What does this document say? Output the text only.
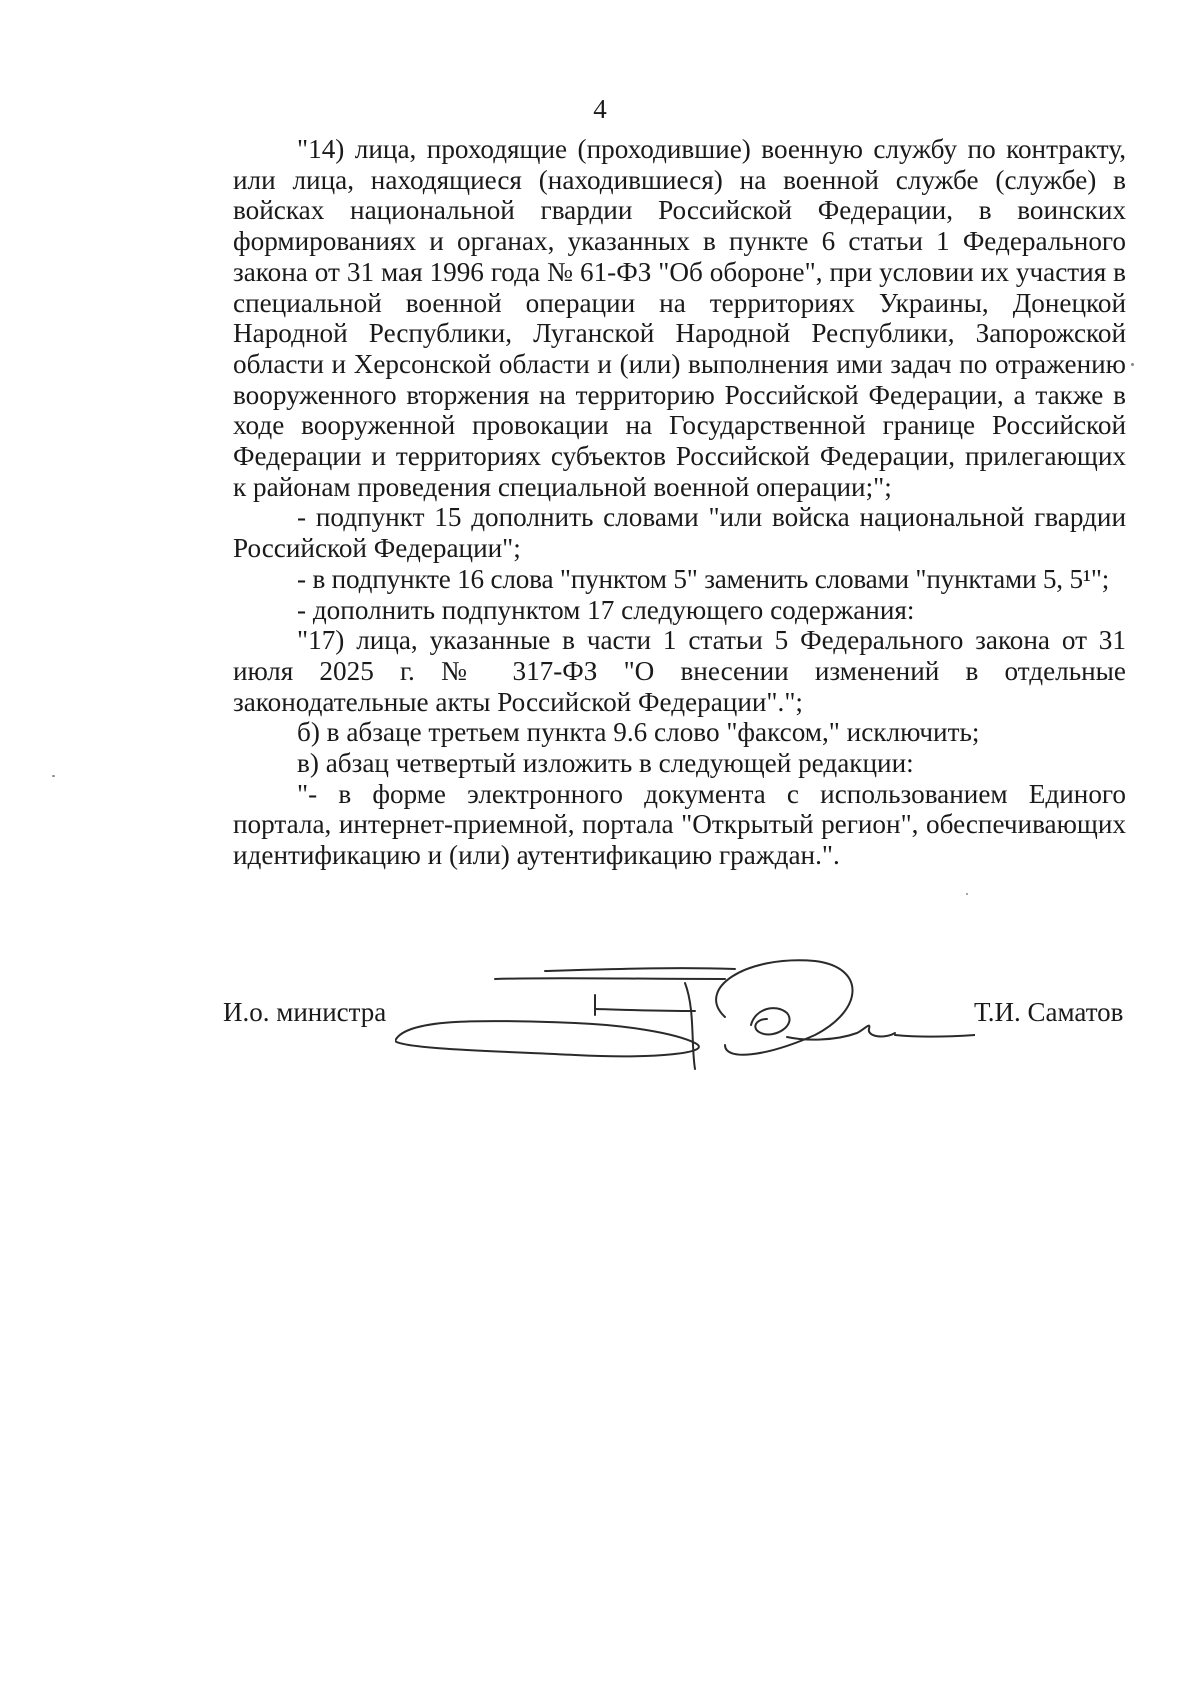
4

"14) лица, проходящие (проходившие) военную службу по контракту, или лица, находящиеся (находившиеся) на военной службе (службе) в войсках национальной гвардии Российской Федерации, в воинских формированиях и органах, указанных в пункте 6 статьи 1 Федерального закона от 31 мая 1996 года № 61-ФЗ "Об обороне", при условии их участия в специальной военной операции на территориях Украины, Донецкой Народной Республики, Луганской Народной Республики, Запорожской области и Херсонской области и (или) выполнения ими задач по отражению вооруженного вторжения на территорию Российской Федерации, а также в ходе вооруженной провокации на Государственной границе Российской Федерации и территориях субъектов Российской Федерации, прилегающих к районам проведения специальной военной операции;";

- подпункт 15 дополнить словами "или войска национальной гвардии Российской Федерации";

- в подпункте 16 слова "пунктом 5" заменить словами "пунктами 5, 5¹";

- дополнить подпунктом 17 следующего содержания:

"17) лица, указанные в части 1 статьи 5 Федерального закона от 31 июля 2025 г. № 317-ФЗ "О внесении изменений в отдельные законодательные акты Российской Федерации".";

б) в абзаце третьем пункта 9.6 слово "факсом," исключить;

в) абзац четвертый изложить в следующей редакции:

"- в форме электронного документа с использованием Единого портала, интернет-приемной, портала "Открытый регион", обеспечивающих идентификацию и (или) аутентификацию граждан.".

И.о. министра	Т.И. Саматов
